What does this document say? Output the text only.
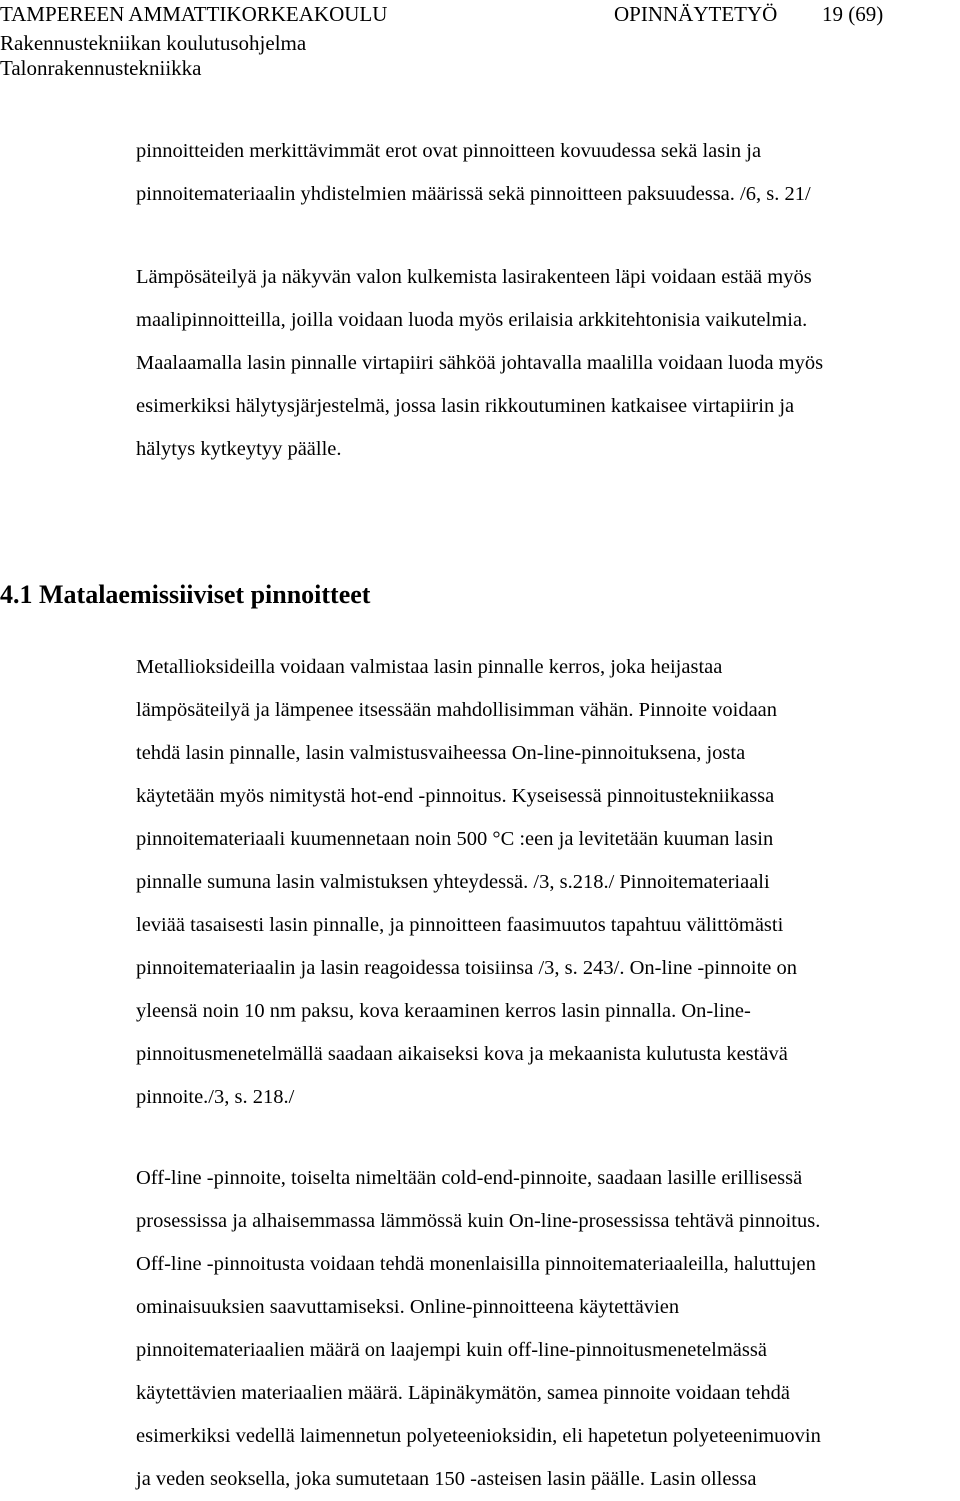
TAMPEREEN AMMATTIKORKEAKOULU	OPINNÄYTETYÖ 19 (69)
Rakennustekniikan koulutusohjelma
Talonrakennustekniikka
pinnoitteiden merkittävimmät erot ovat pinnoitteen kovuudessa sekä lasin ja
pinnoitemateriaalin yhdistelmien määrissä sekä pinnoitteen paksuudessa. /6, s. 21/
Lämpösäteilyä ja näkyvän valon kulkemista lasirakenteen läpi voidaan estää myös
maalipinnoitteilla, joilla voidaan luoda myös erilaisia arkkitehtonisia vaikutelmia.
Maalaamalla lasin pinnalle virtapiiri sähköä johtavalla maalilla voidaan luoda myös
esimerkiksi hälytysjärjestelmä, jossa lasin rikkoutuminen katkaisee virtapiirin ja
hälytys kytkeytyy päälle.
4.1 Matalaemissiiviset pinnoitteet
Metallioksideilla voidaan valmistaa lasin pinnalle kerros, joka heijastaa
lämpösäteilyä ja lämpenee itsessään mahdollisimman vähän. Pinnoite voidaan
tehdä lasin pinnalle, lasin valmistusvaiheessa On-line-pinnoituksena, josta
käytetään myös nimitystä hot-end -pinnoitus. Kyseisessä pinnoitustekniikassa
pinnoitemateriaali kuumennetaan noin 500 °C :een ja levitetään kuuman lasin
pinnalle sumuna lasin valmistuksen yhteydessä. /3, s.218./ Pinnoitemateriaali
leviää tasaisesti lasin pinnalle, ja pinnoitteen faasimuutos tapahtuu välittömästi
pinnoitemateriaalin ja lasin reagoidessa toisiinsa /3, s. 243/. On-line -pinnoite on
yleensä noin 10 nm paksu, kova keraaminen kerros lasin pinnalla. On-line-
pinnoitusmenetelmällä saadaan aikaiseksi kova ja mekaanista kulutusta kestävä
pinnoite./3, s. 218./
Off-line -pinnoite, toiselta nimeltään cold-end-pinnoite, saadaan lasille erillisessä
prosessissa ja alhaisemmassa lämmössä kuin On-line-prosessissa tehtävä pinnoitus.
Off-line -pinnoitusta voidaan tehdä monenlaisilla pinnoitemateriaaleilla, haluttujen
ominaisuuksien saavuttamiseksi. Online-pinnoitteena käytettävien
pinnoitemateriaalien määrä on laajempi kuin off-line-pinnoitusmenetelmässä
käytettävien materiaalien määrä. Läpinäkymätön, samea pinnoite voidaan tehdä
esimerkiksi vedellä laimennetun polyeteenioksidin, eli hapetetun polyeteenimuovin
ja veden seoksella, joka sumutetaan 150 -asteisen lasin päälle. Lasin ollessa
